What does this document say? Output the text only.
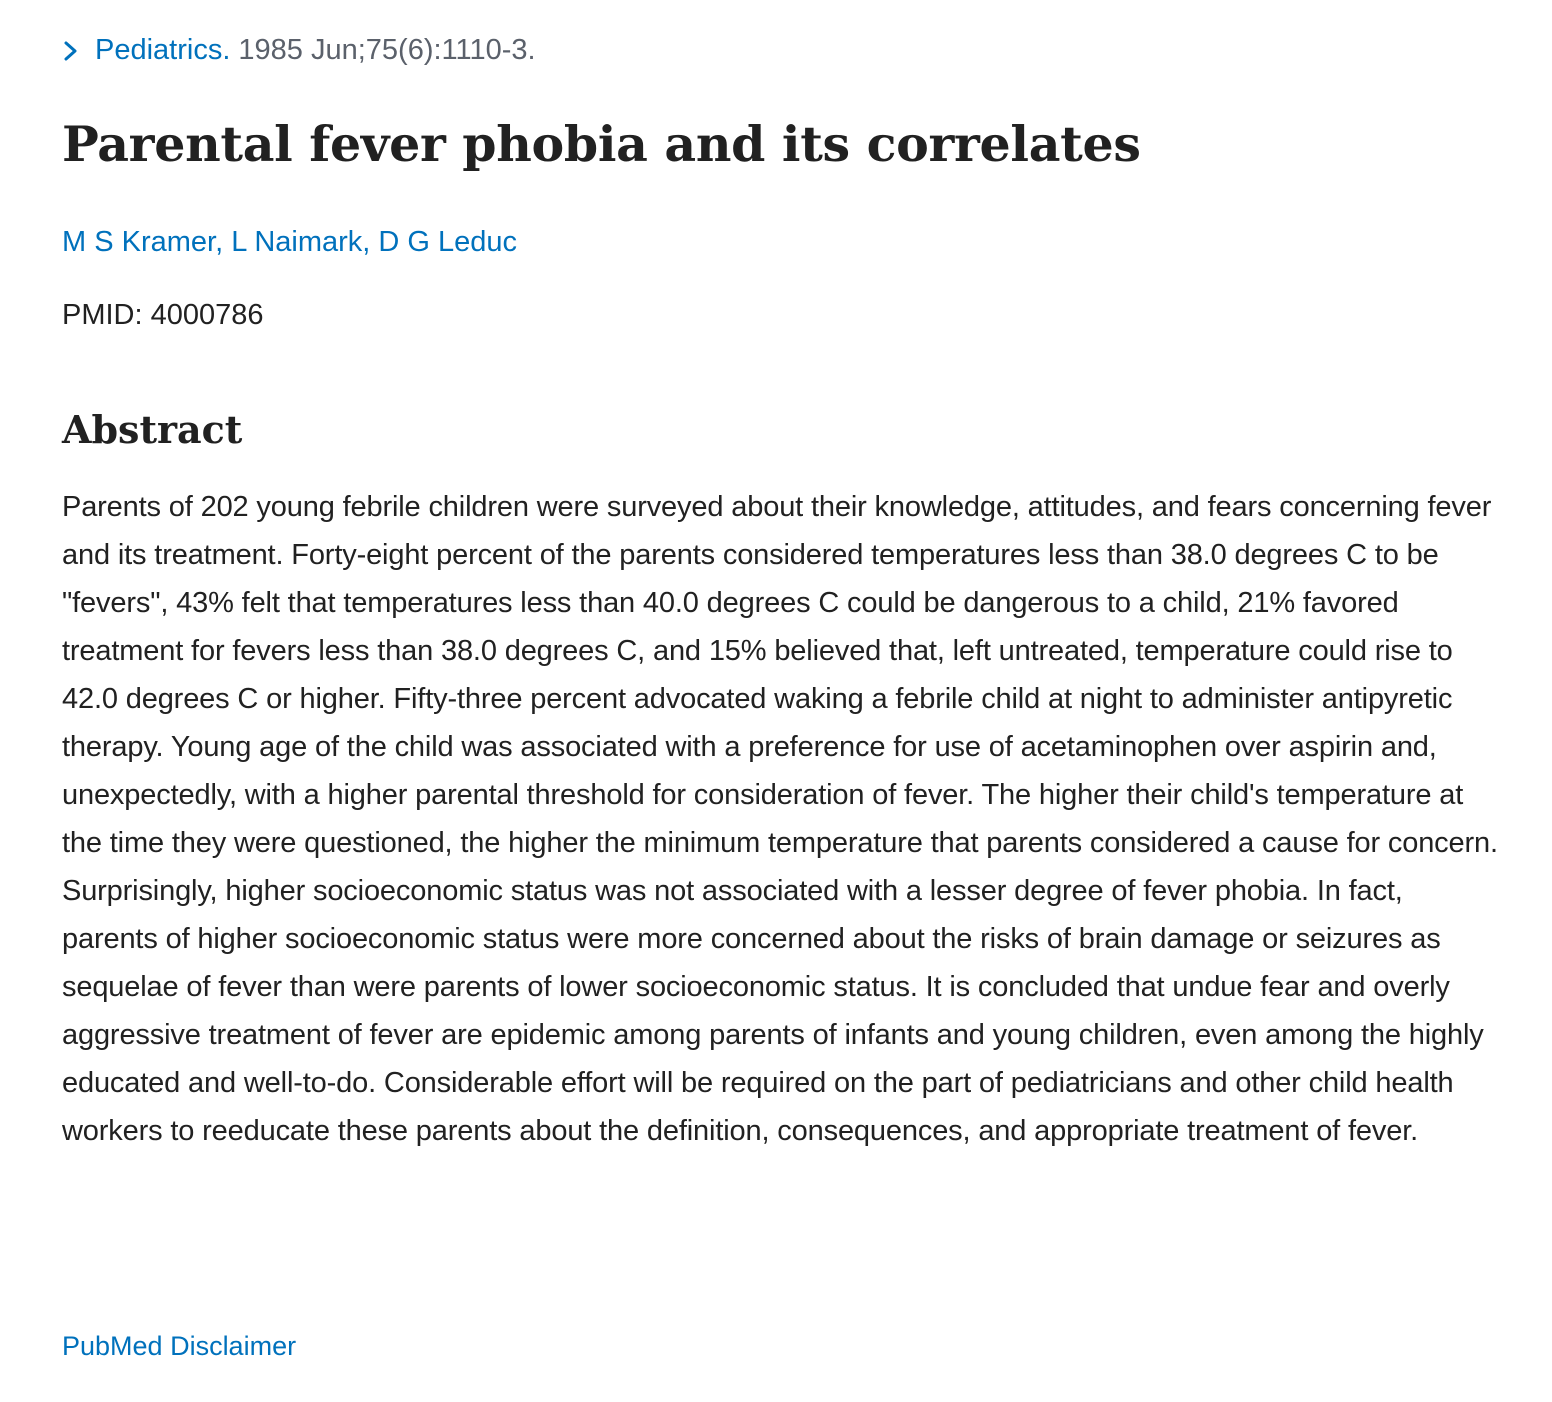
Pediatrics. 1985 Jun;75(6):1110-3.
Parental fever phobia and its correlates
M S Kramer, L Naimark, D G Leduc
PMID: 4000786
Abstract

Parents of 202 young febrile children were surveyed about their knowledge, attitudes, and fears concerning fever and its treatment. Forty-eight percent of the parents considered temperatures less than 38.0 degrees C to be "fevers", 43% felt that temperatures less than 40.0 degrees C could be dangerous to a child, 21% favored treatment for fevers less than 38.0 degrees C, and 15% believed that, left untreated, temperature could rise to 42.0 degrees C or higher. Fifty-three percent advocated waking a febrile child at night to administer antipyretic therapy. Young age of the child was associated with a preference for use of acetaminophen over aspirin and, unexpectedly, with a higher parental threshold for consideration of fever. The higher their child's temperature at the time they were questioned, the higher the minimum temperature that parents considered a cause for concern. Surprisingly, higher socioeconomic status was not associated with a lesser degree of fever phobia. In fact, parents of higher socioeconomic status were more concerned about the risks of brain damage or seizures as sequelae of fever than were parents of lower socioeconomic status. It is concluded that undue fear and overly aggressive treatment of fever are epidemic among parents of infants and young children, even among the highly educated and well-to-do. Considerable effort will be required on the part of pediatricians and other child health workers to reeducate these parents about the definition, consequences, and appropriate treatment of fever.

PubMed Disclaimer
